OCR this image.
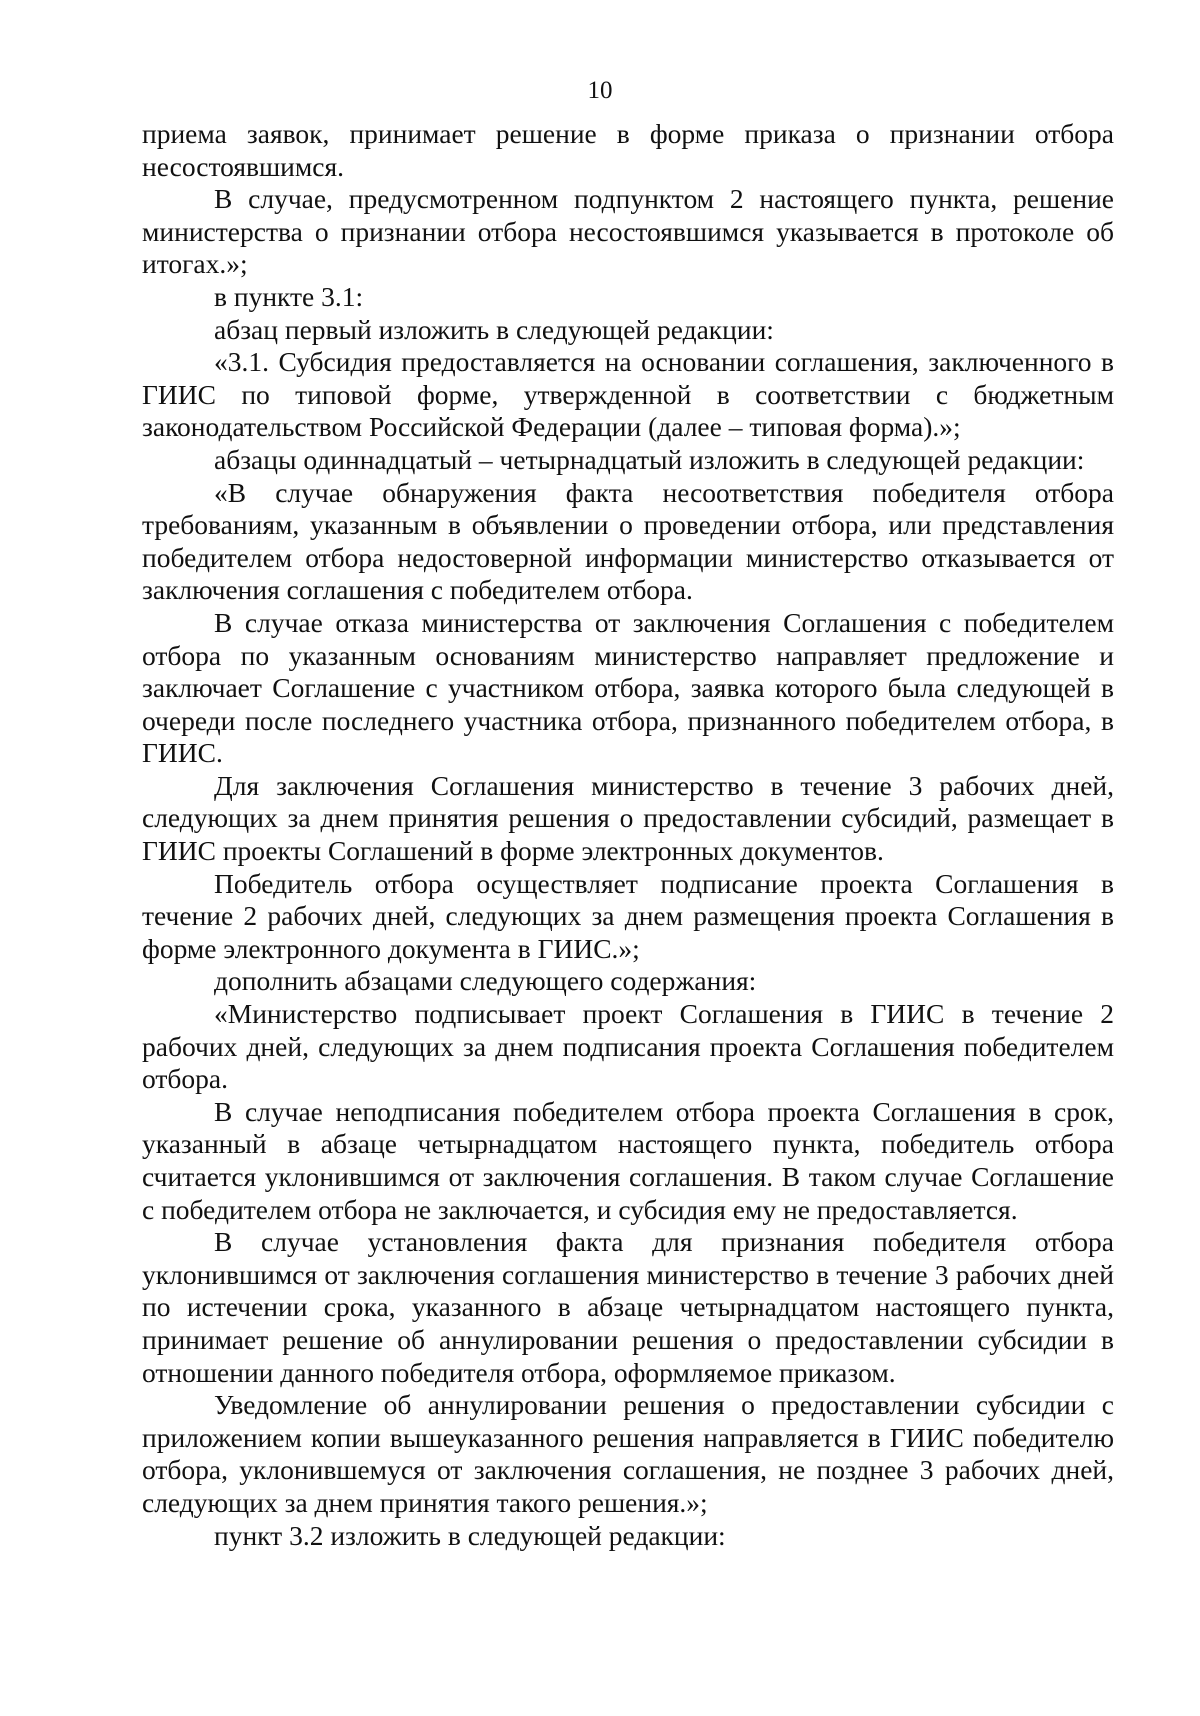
10

приема заявок, принимает решение в форме приказа о признании отбора несостоявшимся.

В случае, предусмотренном подпунктом 2 настоящего пункта, решение министерства о признании отбора несостоявшимся указывается в протоколе об итогах.»;

в пункте 3.1:

абзац первый изложить в следующей редакции:

«3.1. Субсидия предоставляется на основании соглашения, заключенного в ГИИС по типовой форме, утвержденной в соответствии с бюджетным законодательством Российской Федерации (далее – типовая форма).»;

абзацы одиннадцатый – четырнадцатый изложить в следующей редакции:

«В случае обнаружения факта несоответствия победителя отбора требованиям, указанным в объявлении о проведении отбора, или представления победителем отбора недостоверной информации министерство отказывается от заключения соглашения с победителем отбора.

В случае отказа министерства от заключения Соглашения с победителем отбора по указанным основаниям министерство направляет предложение и заключает Соглашение с участником отбора, заявка которого была следующей в очереди после последнего участника отбора, признанного победителем отбора, в ГИИС.

Для заключения Соглашения министерство в течение 3 рабочих дней, следующих за днем принятия решения о предоставлении субсидий, размещает в ГИИС проекты Соглашений в форме электронных документов.

Победитель отбора осуществляет подписание проекта Соглашения в течение 2 рабочих дней, следующих за днем размещения проекта Соглашения в форме электронного документа в ГИИС.»;

дополнить абзацами следующего содержания:

«Министерство подписывает проект Соглашения в ГИИС в течение 2 рабочих дней, следующих за днем подписания проекта Соглашения победителем отбора.

В случае неподписания победителем отбора проекта Соглашения в срок, указанный в абзаце четырнадцатом настоящего пункта, победитель отбора считается уклонившимся от заключения соглашения. В таком случае Соглашение с победителем отбора не заключается, и субсидия ему не предоставляется.

В случае установления факта для признания победителя отбора уклонившимся от заключения соглашения министерство в течение 3 рабочих дней по истечении срока, указанного в абзаце четырнадцатом настоящего пункта, принимает решение об аннулировании решения о предоставлении субсидии в отношении данного победителя отбора, оформляемое приказом.

Уведомление об аннулировании решения о предоставлении субсидии с приложением копии вышеуказанного решения направляется в ГИИС победителю отбора, уклонившемуся от заключения соглашения, не позднее 3 рабочих дней, следующих за днем принятия такого решения.»;

пункт 3.2 изложить в следующей редакции:
